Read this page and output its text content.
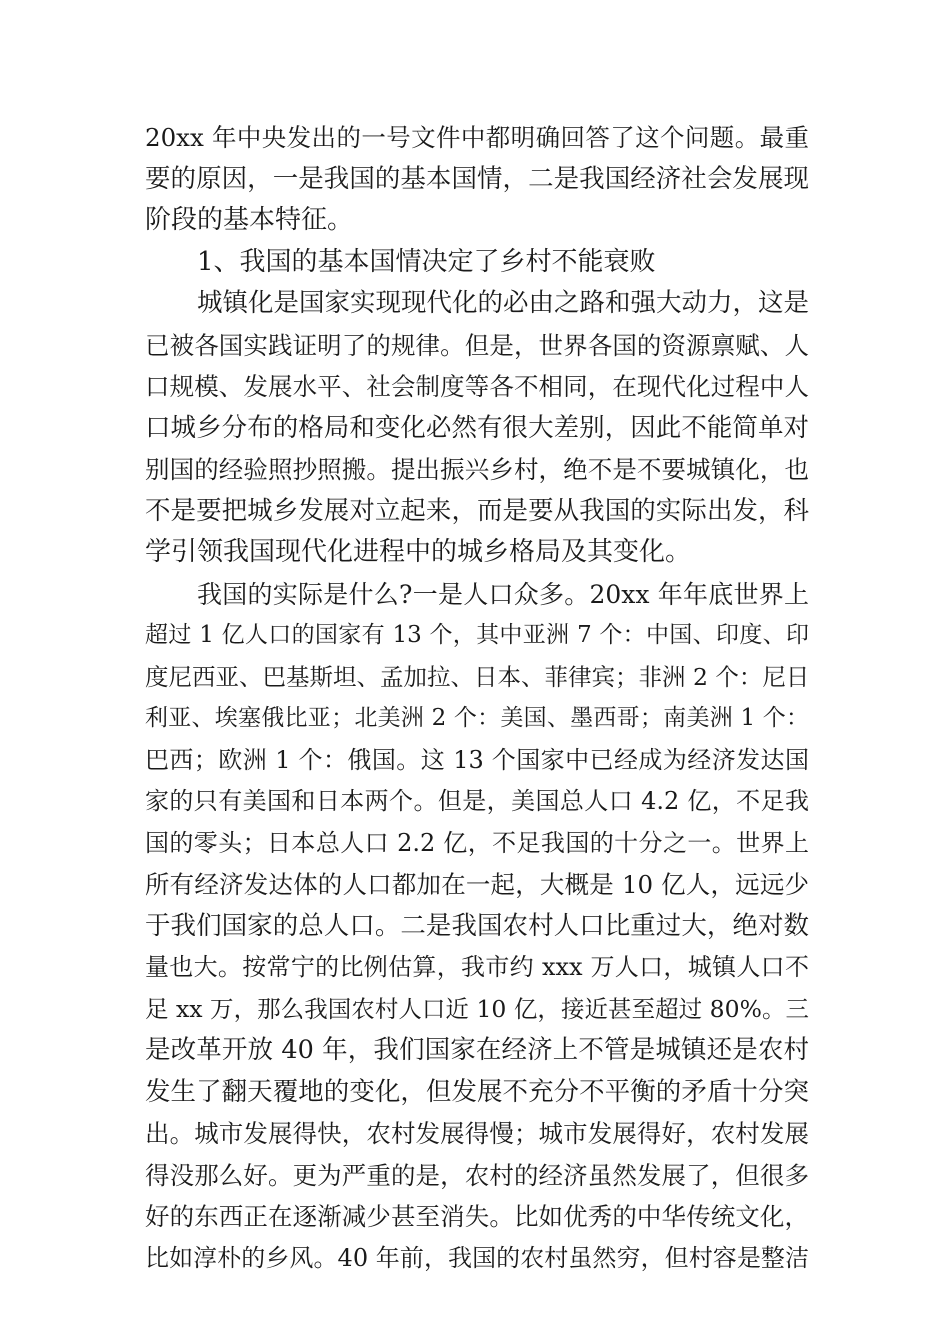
20xx 年中央发出的一号文件中都明确回答了这个问题。最重
要的原因，一是我国的基本国情，二是我国经济社会发展现
阶段的基本特征。
1、我国的基本国情决定了乡村不能衰败
城镇化是国家实现现代化的必由之路和强大动力，这是
已被各国实践证明了的规律。但是，世界各国的资源禀赋、人
口规模、发展水平、社会制度等各不相同，在现代化过程中人
口城乡分布的格局和变化必然有很大差别，因此不能简单对
别国的经验照抄照搬。提出振兴乡村，绝不是不要城镇化，也
不是要把城乡发展对立起来，而是要从我国的实际出发，科
学引领我国现代化进程中的城乡格局及其变化。
我国的实际是什么?一是人口众多。20xx 年年底世界上
超过 1 亿人口的国家有 13 个，其中亚洲 7 个：中国、印度、印
度尼西亚、巴基斯坦、孟加拉、日本、菲律宾；非洲 2 个：尼日
利亚、埃塞俄比亚；北美洲 2 个：美国、墨西哥；南美洲 1 个：
巴西；欧洲 1 个：俄国。这 13 个国家中已经成为经济发达国
家的只有美国和日本两个。但是，美国总人口 4.2 亿，不足我
国的零头；日本总人口 2.2 亿，不足我国的十分之一。世界上
所有经济发达体的人口都加在一起，大概是 10 亿人，远远少
于我们国家的总人口。二是我国农村人口比重过大，绝对数
量也大。按常宁的比例估算，我市约 xxx 万人口，城镇人口不
足 xx 万，那么我国农村人口近 10 亿，接近甚至超过 80%。三
是改革开放 40 年，我们国家在经济上不管是城镇还是农村
发生了翻天覆地的变化，但发展不充分不平衡的矛盾十分突
出。城市发展得快，农村发展得慢；城市发展得好，农村发展
得没那么好。更为严重的是，农村的经济虽然发展了，但很多
好的东西正在逐渐减少甚至消失。比如优秀的中华传统文化，
比如淳朴的乡风。40 年前，我国的农村虽然穷，但村容是整洁
